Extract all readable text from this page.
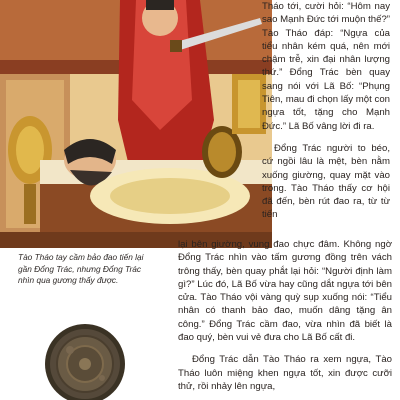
Tháo tới, cười hỏi: “Hôm nay sao Mạnh Đức tới muộn thế?” Tào Tháo đáp: “Ngựa của tiểu nhân kém quá, nên mới chậm trễ, xin đại nhân lượng thứ.” Đổng Trác bèn quay sang nói với Lã Bố: “Phụng Tiên, mau đi chọn lấy một con ngựa tốt, tặng cho Mạnh Đức.” Lã Bố vâng lời đi ra.

Đổng Trác người to béo, cứ ngồi lâu là mệt, bèn nằm xuống giường, quay mặt vào trong. Tào Tháo thấy cơ hội đã đến, bèn rút đao ra, từ từ tiến

Tào Tháo tay cầm bảo đao tiến lại gần Đổng Trác, nhưng Đổng Trác nhìn qua gương thấy được.

lại bên giường, vung đao chực đâm. Không ngờ Đổng Trác nhìn vào tấm gương đồng trên vách trông thấy, bèn quay phắt lại hỏi: “Người định làm gì?” Lúc đó, Lã Bố vừa hay cũng dắt ngựa tới bên cửa. Tào Tháo vội vàng quỳ sụp xuống nói: “Tiểu nhân có thanh bảo đao, muốn dâng tặng ân công.” Đổng Trác cầm đao, vừa nhìn đã biết là đao quý, bèn vui vẻ đưa cho Lã Bố cất đi.

Đổng Trác dẫn Tào Tháo ra xem ngựa, Tào Tháo luôn miệng khen ngựa tốt, xin được cưỡi thử, rồi nhảy lên ngựa,
